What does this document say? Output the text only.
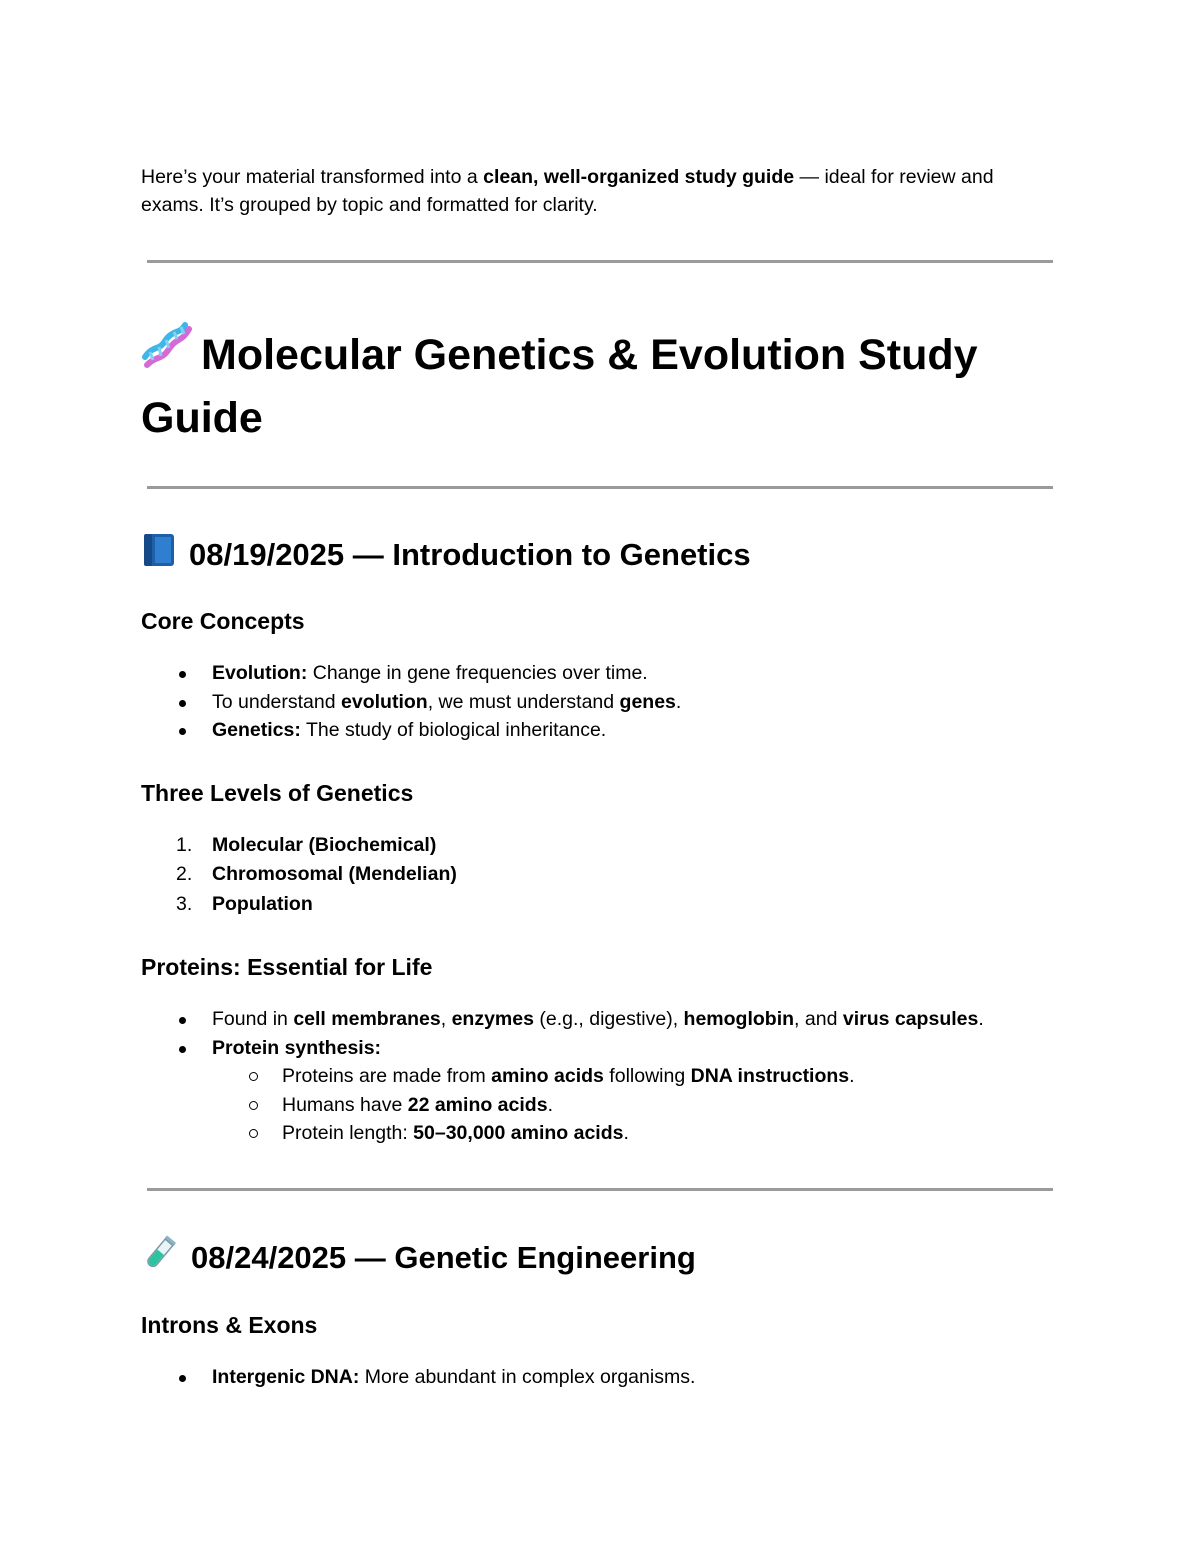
Here’s your material transformed into a clean, well-organized study guide — ideal for review and exams. It’s grouped by topic and formatted for clarity.

Molecular Genetics & Evolution Study Guide
08/19/2025 — Introduction to Genetics
Core Concepts
Evolution: Change in gene frequencies over time.
To understand evolution, we must understand genes.
Genetics: The study of biological inheritance.
Three Levels of Genetics
1. Molecular (Biochemical)
2. Chromosomal (Mendelian)
3. Population
Proteins: Essential for Life
Found in cell membranes, enzymes (e.g., digestive), hemoglobin, and virus capsules.
Protein synthesis:
Proteins are made from amino acids following DNA instructions.
Humans have 22 amino acids.
Protein length: 50–30,000 amino acids.
08/24/2025 — Genetic Engineering
Introns & Exons
Intergenic DNA: More abundant in complex organisms.
